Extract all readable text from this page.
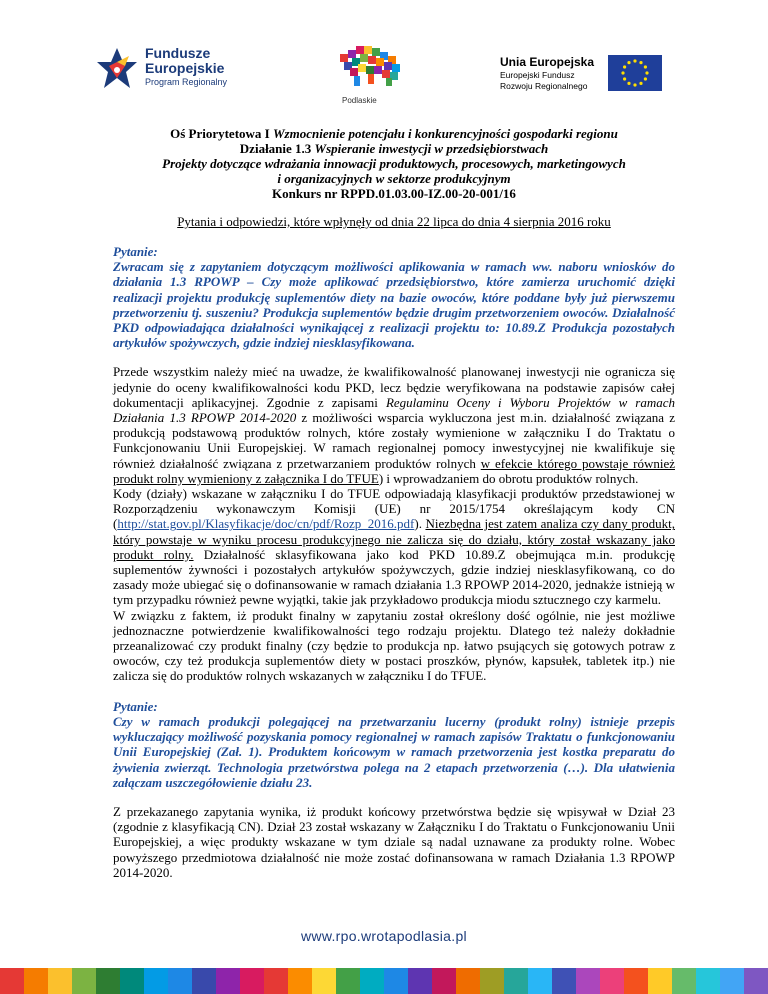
Fundusze
Europejskie
Program Regionalny
Podlaskie
Unia Europejska
Europejski Fundusz
Rozwoju Regionalnego
Oś Priorytetowa I Wzmocnienie potencjału i konkurencyjności gospodarki regionu
Działanie 1.3 Wspieranie inwestycji w przedsiębiorstwach
Projekty dotyczące wdrażania innowacji produktowych, procesowych, marketingowych
i organizacyjnych w sektorze produkcyjnym
Konkurs nr RPPD.01.03.00-IZ.00-20-001/16
Pytania i odpowiedzi, które wpłynęły od dnia 22 lipca do dnia 4 sierpnia 2016 roku
Pytanie:
Zwracam się z zapytaniem dotyczącym możliwości aplikowania w ramach ww. naboru wniosków do działania 1.3 RPOWP – Czy może aplikować przedsiębiorstwo, które zamierza uruchomić dzięki realizacji projektu produkcję suplementów diety na bazie owoców, które poddane były już pierwszemu przetworzeniu tj. suszeniu? Produkcja suplementów będzie drugim przetworzeniem owoców. Działalność PKD odpowiadająca działalności wynikającej z realizacji projektu to: 10.89.Z Produkcja pozostałych artykułów spożywczych, gdzie indziej niesklasyfikowana.

Przede wszystkim należy mieć na uwadze, że kwalifikowalność planowanej inwestycji nie ogranicza się jedynie do oceny kwalifikowalności kodu PKD, lecz będzie weryfikowana na podstawie zapisów całej dokumentacji aplikacyjnej. Zgodnie z zapisami Regulaminu Oceny i Wyboru Projektów w ramach Działania 1.3 RPOWP 2014-2020 z możliwości wsparcia wykluczona jest m.in. działalność związana z produkcją podstawową produktów rolnych, które zostały wymienione w załączniku I do Traktatu o Funkcjonowaniu Unii Europejskiej. W ramach regionalnej pomocy inwestycyjnej nie kwalifikuje się również działalność związana z przetwarzaniem produktów rolnych w efekcie którego powstaje również produkt rolny wymieniony z załącznika I do TFUE) i wprowadzaniem do obrotu produktów rolnych.

Kody (działy) wskazane w załączniku I do TFUE odpowiadają klasyfikacji produktów przedstawionej w Rozporządzeniu wykonawczym Komisji (UE) nr 2015/1754 określającym kody CN (http://stat.gov.pl/Klasyfikacje/doc/cn/pdf/Rozp_2016.pdf). Niezbędna jest zatem analiza czy dany produkt, który powstaje w wyniku procesu produkcyjnego nie zalicza się do działu, który został wskazany jako produkt rolny. Działalność sklasyfikowana jako kod PKD 10.89.Z obejmująca m.in. produkcję suplementów żywności i pozostałych artykułów spożywczych, gdzie indziej niesklasyfikowaną, co do zasady może ubiegać się o dofinansowanie w ramach działania 1.3 RPOWP 2014-2020, jednakże istnieją w tym przypadku również pewne wyjątki, takie jak przykładowo produkcja miodu sztucznego czy karmelu.

W związku z faktem, iż produkt finalny w zapytaniu został określony dość ogólnie, nie jest możliwe jednoznaczne potwierdzenie kwalifikowalności tego rodzaju projektu. Dlatego też należy dokładnie przeanalizować czy produkt finalny (czy będzie to produkcja np. łatwo psujących się gotowych potraw z owoców, czy też produkcja suplementów diety w postaci proszków, płynów, kapsułek, tabletek itp.) nie zalicza się do produktów rolnych wskazanych w załączniku I do TFUE.

Pytanie:
Czy w ramach produkcji polegającej na przetwarzaniu lucerny (produkt rolny) istnieje przepis wykluczający możliwość pozyskania pomocy regionalnej w ramach zapisów Traktatu o funkcjonowaniu Unii Europejskiej (Zał. 1). Produktem końcowym w ramach przetworzenia jest kostka preparatu do żywienia zwierząt. Technologia przetwórstwa polega na 2 etapach przetworzenia (…). Dla ułatwienia załączam uszczegółowienie działu 23.

Z przekazanego zapytania wynika, iż produkt końcowy przetwórstwa będzie się wpisywał w Dział 23 (zgodnie z klasyfikacją CN). Dział 23 został wskazany w Załączniku I do Traktatu o Funkcjonowaniu Unii Europejskiej, a więc produkty wskazane w tym dziale są nadal uznawane za produkty rolne. Wobec powyższego przedmiotowa działalność nie może zostać dofinansowana w ramach Działania 1.3 RPOWP 2014-2020.

www.rpo.wrotapodlasia.pl
